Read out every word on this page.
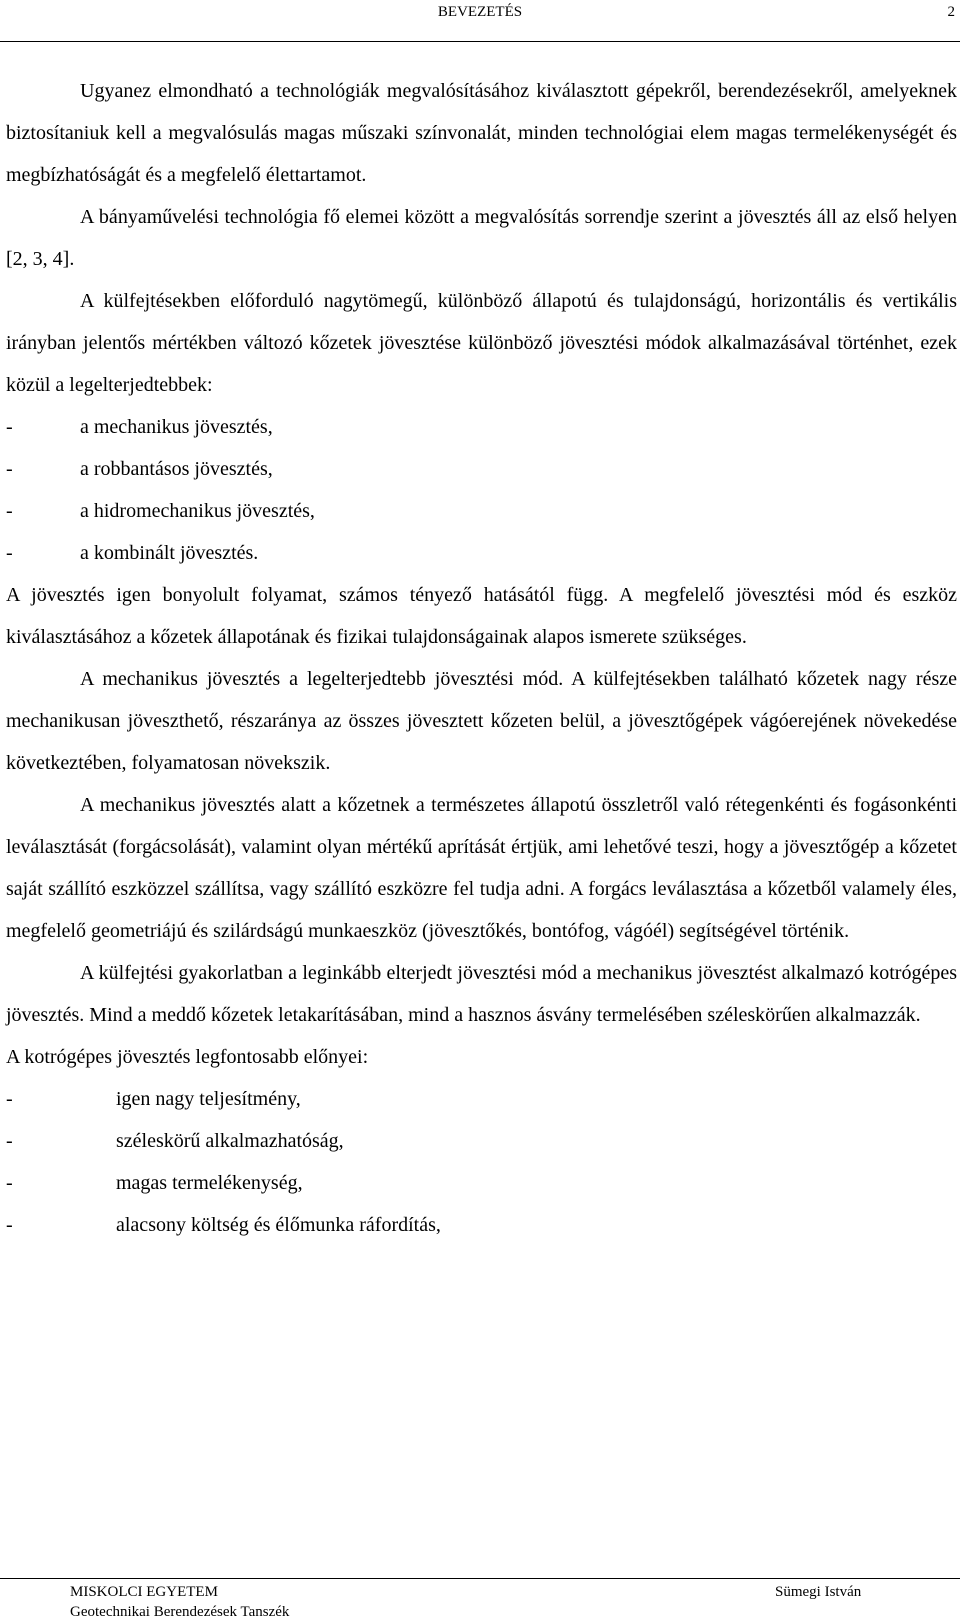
BEVEZETÉS	2

Ugyanez elmondható a technológiák megvalósításához kiválasztott gépekről, berendezésekről, amelyeknek biztosítaniuk kell a megvalósulás magas műszaki színvonalát, minden technológiai elem magas termelékenységét és megbízhatóságát és a megfelelő élettartamot.

A bányaművelési technológia fő elemei között a megvalósítás sorrendje szerint a jövesztés áll az első helyen [2, 3, 4].

A külfejtésekben előforduló nagytömegű, különböző állapotú és tulajdonságú, horizontális és vertikális irányban jelentős mértékben változó kőzetek jövesztése különböző jövesztési módok alkalmazásával történhet, ezek közül a legelterjedtebbek:

-	a mechanikus jövesztés,
-	a robbantásos jövesztés,
-	a hidromechanikus jövesztés,
-	a kombinált jövesztés.

A jövesztés igen bonyolult folyamat, számos tényező hatásától függ. A megfelelő jövesztési mód és eszköz kiválasztásához a kőzetek állapotának és fizikai tulajdonságainak alapos ismerete szükséges.

A mechanikus jövesztés a legelterjedtebb jövesztési mód. A külfejtésekben található kőzetek nagy része mechanikusan jöveszthető, részaránya az összes jövesztett kőzeten belül, a jövesztőgépek vágóerejének növekedése következtében, folyamatosan növekszik.

A mechanikus jövesztés alatt a kőzetnek a természetes állapotú összletről való rétegenkénti és fogásonkénti leválasztását (forgácsolását), valamint olyan mértékű aprítását értjük, ami lehetővé teszi, hogy a jövesztőgép a kőzetet saját szállító eszközzel szállítsa, vagy szállító eszközre fel tudja adni. A forgács leválasztása a kőzetből valamely éles, megfelelő geometriájú és szilárdságú munkaeszköz (jövesztőkés, bontófog, vágóél) segítségével történik.

A külfejtési gyakorlatban a leginkább elterjedt jövesztési mód a mechanikus jövesztést alkalmazó kotrógépes jövesztés. Mind a meddő kőzetek letakarításában, mind a hasznos ásvány termelésében széleskörűen alkalmazzák.

A kotrógépes jövesztés legfontosabb előnyei:

-	igen nagy teljesítmény,
-	széleskörű alkalmazhatóság,
-	magas termelékenység,
-	alacsony költség és élőmunka ráfordítás,
MISKOLCI EGYETEM
Geotechnikai Berendezések Tanszék
Sümegi István
